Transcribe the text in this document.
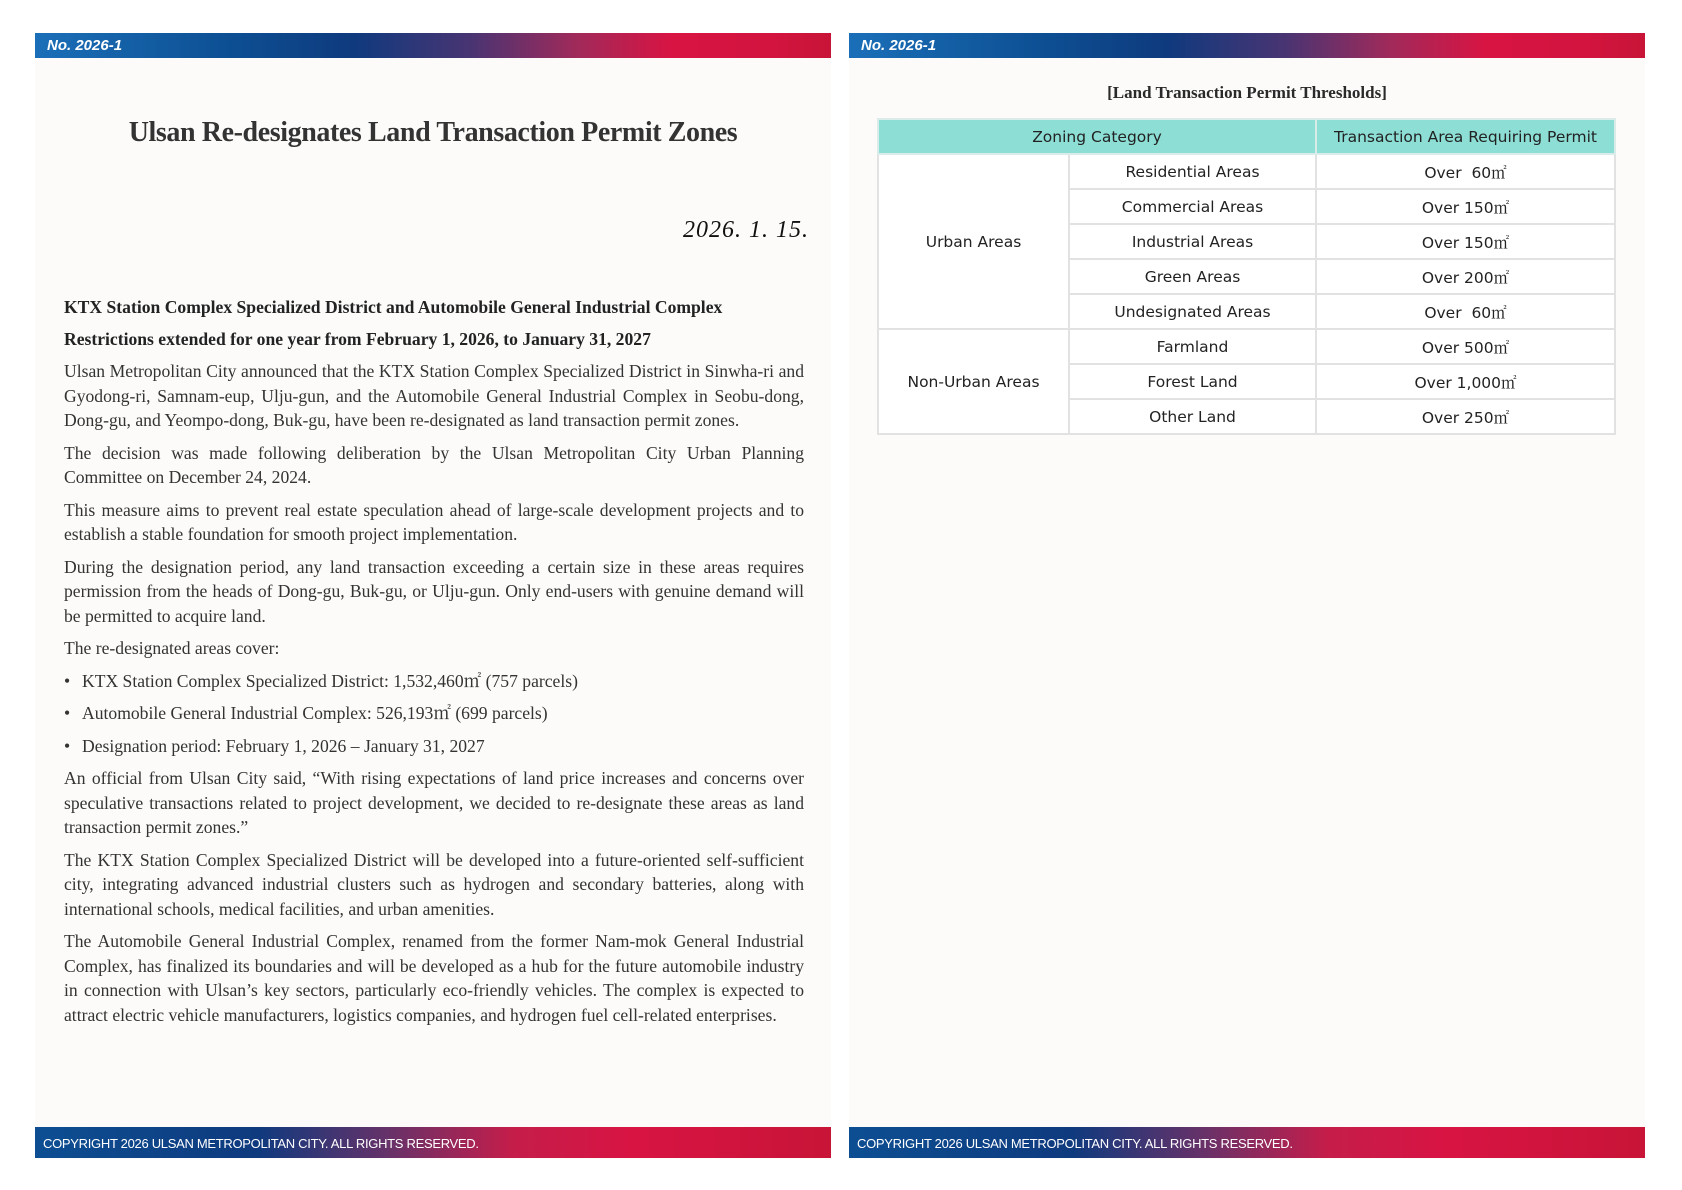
No. 2026-1
Ulsan Re-designates Land Transaction Permit Zones
2026. 1. 15.
KTX Station Complex Specialized District and Automobile General Industrial Complex
Restrictions extended for one year from February 1, 2026, to January 31, 2027

Ulsan Metropolitan City announced that the KTX Station Complex Specialized District in Sinwha-ri and Gyodong-ri, Samnam-eup, Ulju-gun, and the Automobile General Industrial Complex in Seobu-dong, Dong-gu, and Yeompo-dong, Buk-gu, have been re-designated as land transaction permit zones.

The decision was made following deliberation by the Ulsan Metropolitan City Urban Planning Committee on December 24, 2024.

This measure aims to prevent real estate speculation ahead of large-scale development projects and to establish a stable foundation for smooth project implementation.

During the designation period, any land transaction exceeding a certain size in these areas requires permission from the heads of Dong-gu, Buk-gu, or Ulju-gun. Only end-users with genuine demand will be permitted to acquire land.

The re-designated areas cover:

• KTX Station Complex Specialized District: 1,532,460㎡ (757 parcels)
• Automobile General Industrial Complex: 526,193㎡ (699 parcels)
• Designation period: February 1, 2026 – January 31, 2027

An official from Ulsan City said, “With rising expectations of land price increases and concerns over speculative transactions related to project development, we decided to re-designate these areas as land transaction permit zones.”

The KTX Station Complex Specialized District will be developed into a future-oriented self-sufficient city, integrating advanced industrial clusters such as hydrogen and secondary batteries, along with international schools, medical facilities, and urban amenities.

The Automobile General Industrial Complex, renamed from the former Nam-mok General Industrial Complex, has finalized its boundaries and will be developed as a hub for the future automobile industry in connection with Ulsan’s key sectors, particularly eco-friendly vehicles. The complex is expected to attract electric vehicle manufacturers, logistics companies, and hydrogen fuel cell-related enterprises.

COPYRIGHT 2026 ULSAN METROPOLITAN CITY. ALL RIGHTS RESERVED.
No. 2026-1
[Land Transaction Permit Thresholds]
Zoning Category		Transaction Area Requiring Permit
Urban Areas	Residential Areas	Over  60㎡
	Commercial Areas	Over 150㎡
	Industrial Areas	Over 150㎡
	Green Areas	Over 200㎡
	Undesignated Areas	Over  60㎡
Non-Urban Areas	Farmland	Over 500㎡
	Forest Land	Over 1,000㎡
	Other Land	Over 250㎡
COPYRIGHT 2026 ULSAN METROPOLITAN CITY. ALL RIGHTS RESERVED.
